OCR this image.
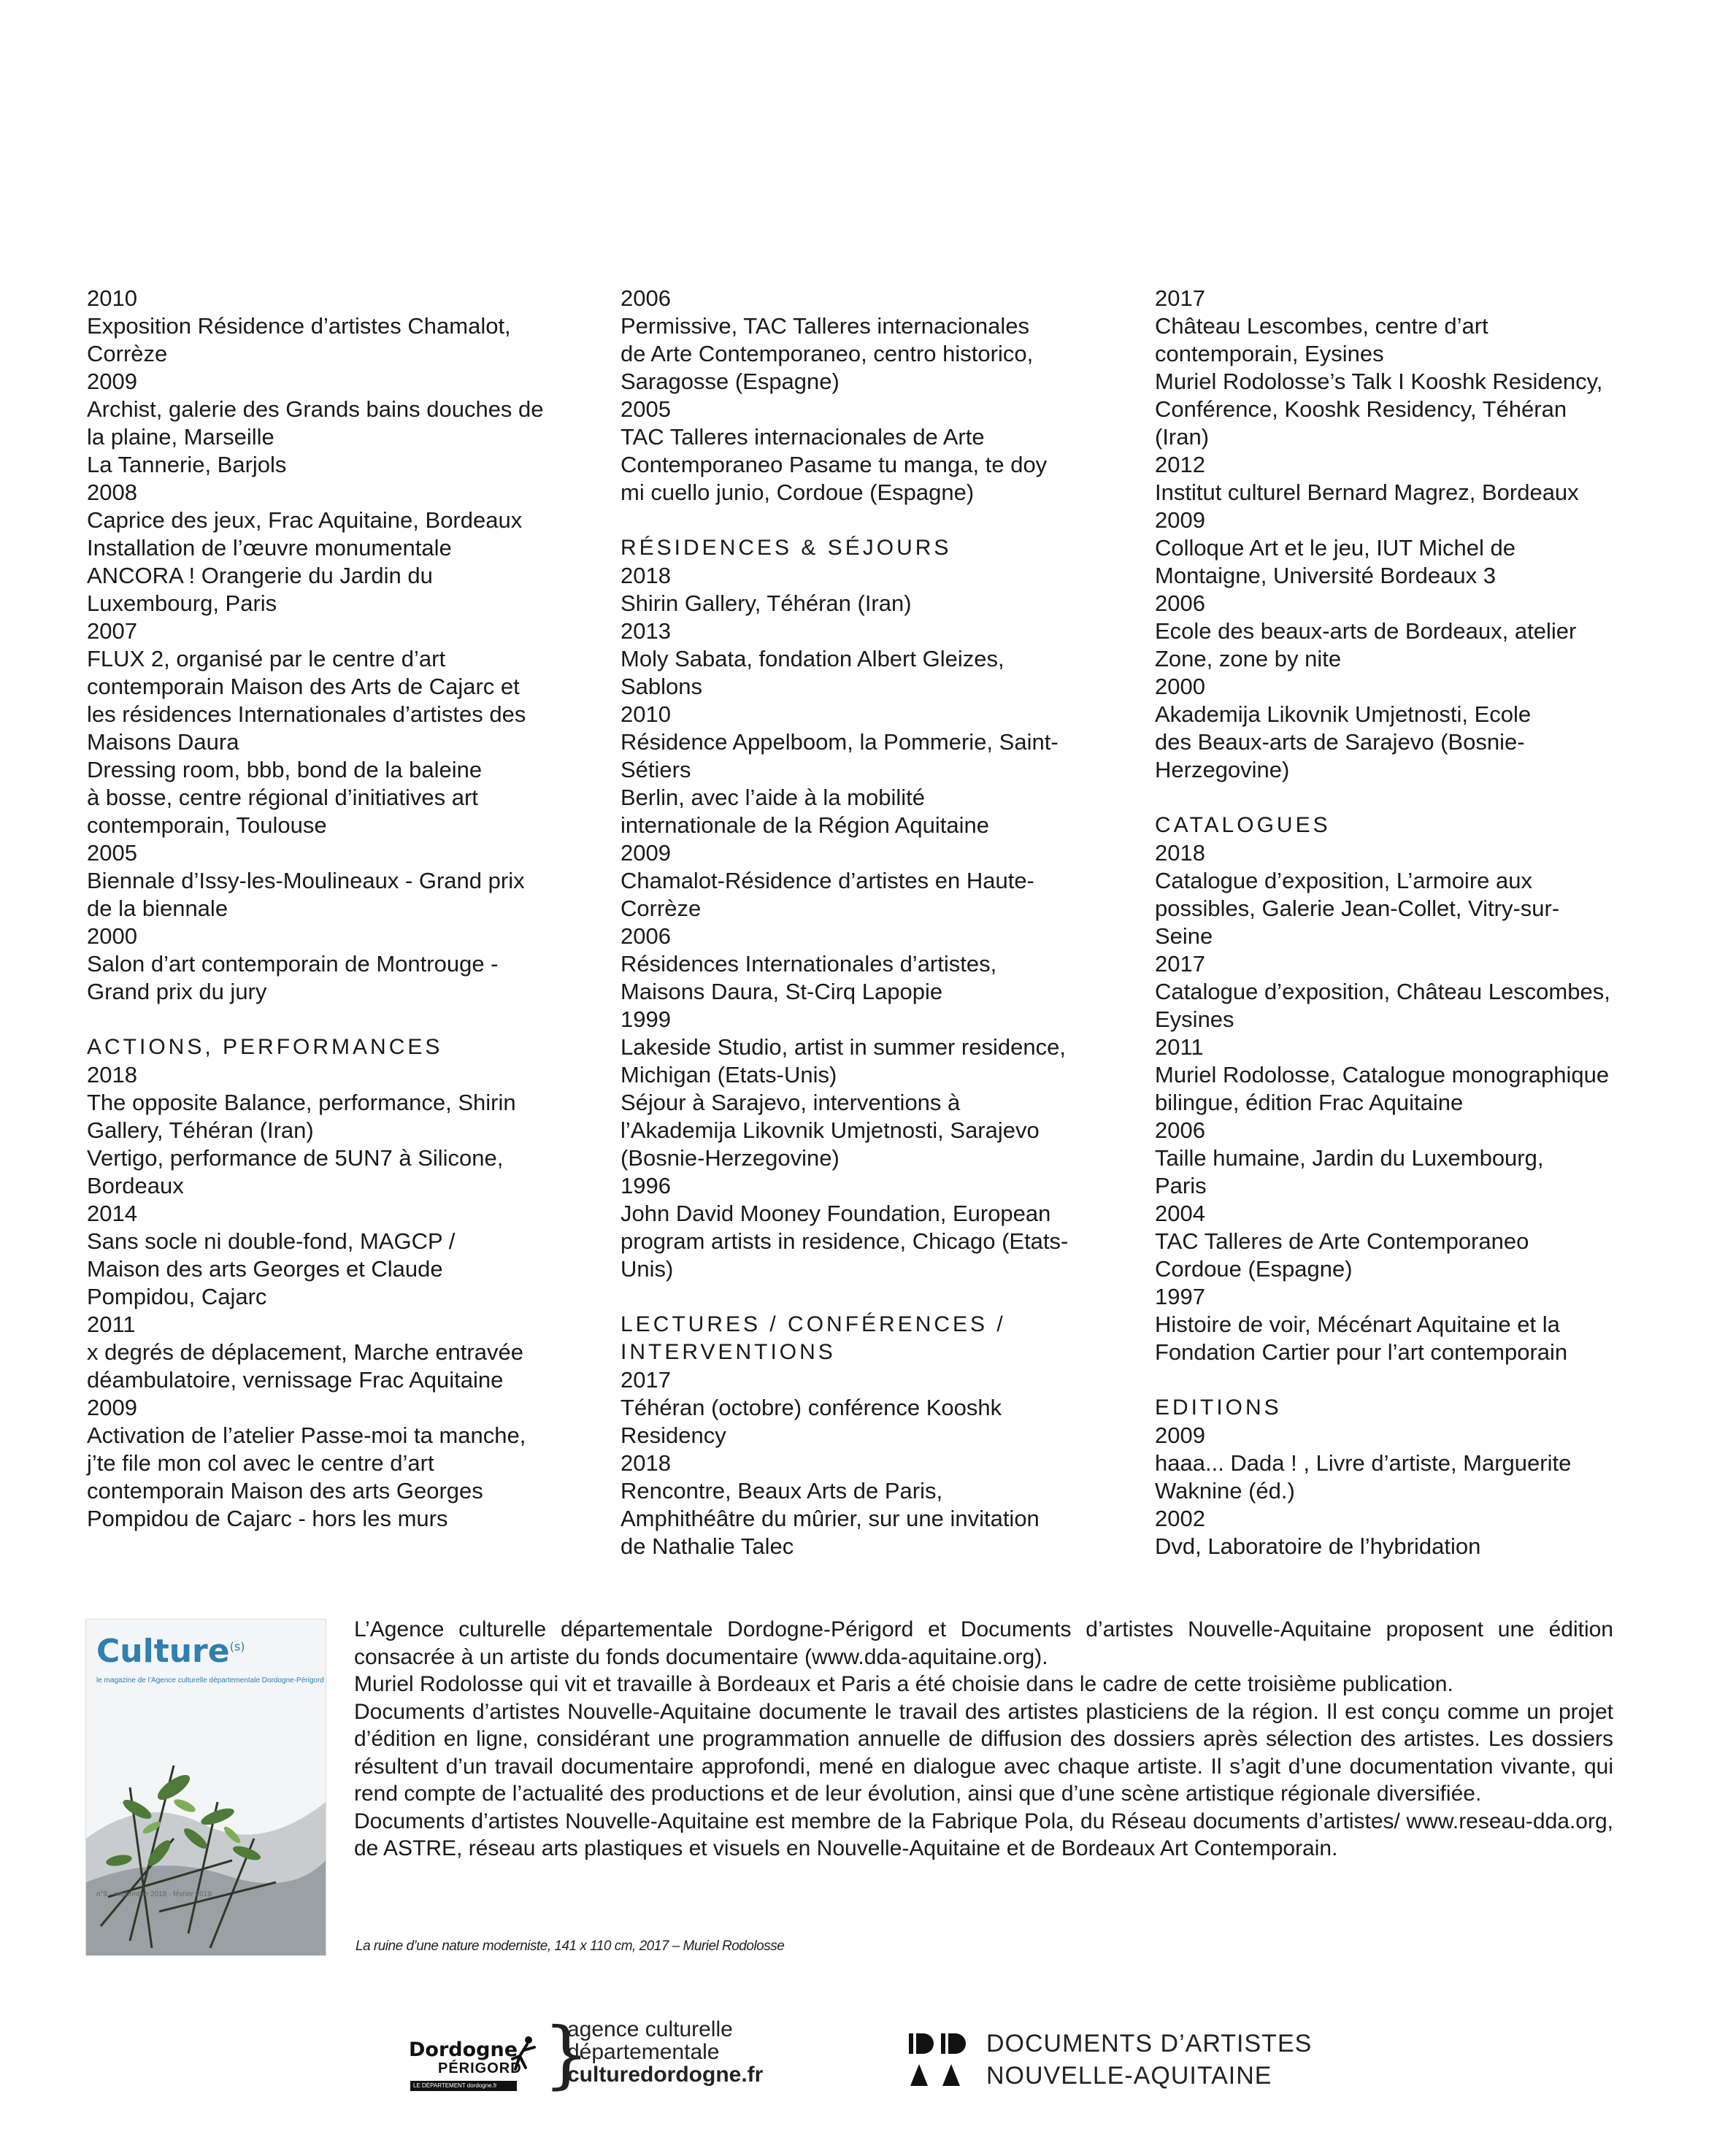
2010
Exposition Résidence d’artistes Chamalot,
Corrèze
2009
Archist, galerie des Grands bains douches de
la plaine, Marseille
La Tannerie, Barjols
2008
Caprice des jeux, Frac Aquitaine, Bordeaux
Installation de l’œuvre monumentale
ANCORA ! Orangerie du Jardin du
Luxembourg, Paris
2007
FLUX 2, organisé par le centre d’art
contemporain Maison des Arts de Cajarc et
les résidences Internationales d’artistes des
Maisons Daura
Dressing room, bbb, bond de la baleine
à bosse, centre régional d’initiatives art
contemporain, Toulouse
2005
Biennale d’Issy-les-Moulineaux - Grand prix
de la biennale
2000
Salon d’art contemporain de Montrouge -
Grand prix du jury
ACTIONS, PERFORMANCES
2018
The opposite Balance, performance, Shirin
Gallery, Téhéran (Iran)
Vertigo, performance de 5UN7 à Silicone,
Bordeaux
2014
Sans socle ni double-fond, MAGCP /
Maison des arts Georges et Claude
Pompidou, Cajarc
2011
x degrés de déplacement, Marche entravée
déambulatoire, vernissage Frac Aquitaine
2009
Activation de l’atelier Passe-moi ta manche,
j’te file mon col avec le centre d’art
contemporain Maison des arts Georges
Pompidou de Cajarc - hors les murs
2006
Permissive, TAC Talleres internacionales
de Arte Contemporaneo, centro historico,
Saragosse (Espagne)
2005
TAC Talleres internacionales de Arte
Contemporaneo Pasame tu manga, te doy
mi cuello junio, Cordoue (Espagne)
RÉSIDENCES & SÉJOURS
2018
Shirin Gallery, Téhéran (Iran)
2013
Moly Sabata, fondation Albert Gleizes,
Sablons
2010
Résidence Appelboom, la Pommerie, Saint-
Sétiers
Berlin, avec l’aide à la mobilité
internationale de la Région Aquitaine
2009
Chamalot-Résidence d’artistes en Haute-
Corrèze
2006
Résidences Internationales d’artistes,
Maisons Daura, St-Cirq Lapopie
1999
Lakeside Studio, artist in summer residence,
Michigan (Etats-Unis)
Séjour à Sarajevo, interventions à
l’Akademija Likovnik Umjetnosti, Sarajevo
(Bosnie-Herzegovine)
1996
John David Mooney Foundation, European
program artists in residence, Chicago (Etats-
Unis)
LECTURES / CONFÉRENCES /
INTERVENTIONS
2017
Téhéran (octobre) conférence Kooshk
Residency
2018
Rencontre, Beaux Arts de Paris,
Amphithéâtre du mûrier, sur une invitation
de Nathalie Talec
2017
Château Lescombes, centre d’art
contemporain, Eysines
Muriel Rodolosse’s Talk I Kooshk Residency,
Conférence, Kooshk Residency, Téhéran
(Iran)
2012
Institut culturel Bernard Magrez, Bordeaux
2009
Colloque Art et le jeu, IUT Michel de
Montaigne, Université Bordeaux 3
2006
Ecole des beaux-arts de Bordeaux, atelier
Zone, zone by nite
2000
Akademija Likovnik Umjetnosti, Ecole
des Beaux-arts de Sarajevo (Bosnie-
Herzegovine)
CATALOGUES
2018
Catalogue d’exposition, L’armoire aux
possibles, Galerie Jean-Collet, Vitry-sur-
Seine
2017
Catalogue d’exposition, Château Lescombes,
Eysines
2011
Muriel Rodolosse, Catalogue monographique
bilingue, édition Frac Aquitaine
2006
Taille humaine, Jardin du Luxembourg,
Paris
2004
TAC Talleres de Arte Contemporaneo
Cordoue (Espagne)
1997
Histoire de voir, Mécénart Aquitaine et la
Fondation Cartier pour l’art contemporain
EDITIONS
2009
haaa... Dada ! , Livre d’artiste, Marguerite
Waknine (éd.)
2002
Dvd, Laboratoire de l’hybridation
Culture$^{(s)}$
le magazine de l’Agence culturelle départementale Dordogne-Périgord
n°9 · septembre 2018 · février 2019
L’Agence culturelle départementale Dordogne-Périgord et Documents d’artistes Nouvelle-Aquitaine proposent une édition consacrée à un artiste du fonds documentaire (www.dda-aquitaine.org).
Muriel Rodolosse qui vit et travaille à Bordeaux et Paris a été choisie dans le cadre de cette troisième publication.
Documents d’artistes Nouvelle-Aquitaine documente le travail des artistes plasticiens de la région. Il est conçu comme un projet d’édition en ligne, considérant une programmation annuelle de diffusion des dossiers après sélection des artistes. Les dossiers résultent d’un travail documentaire approfondi, mené en dialogue avec chaque artiste. Il s’agit d’une documentation vivante, qui rend compte de l’actualité des productions et de leur évolution, ainsi que d’une scène artistique régionale diversifiée.
Documents d’artistes Nouvelle-Aquitaine est membre de la Fabrique Pola, du Réseau documents d’artistes/ www.reseau-dda.org, de ASTRE, réseau arts plastiques et visuels en Nouvelle-Aquitaine et de Bordeaux Art Contemporain.
La ruine d’une nature moderniste, 141 x 110 cm, 2017 – Muriel Rodolosse
Dordogne
PÉRIGORD
LE DÉPARTEMENT dordogne.fr }
agence culturelle
départementale
culturedordogne.fr
DOCUMENTS D’ARTISTES
NOUVELLE-AQUITAINE
